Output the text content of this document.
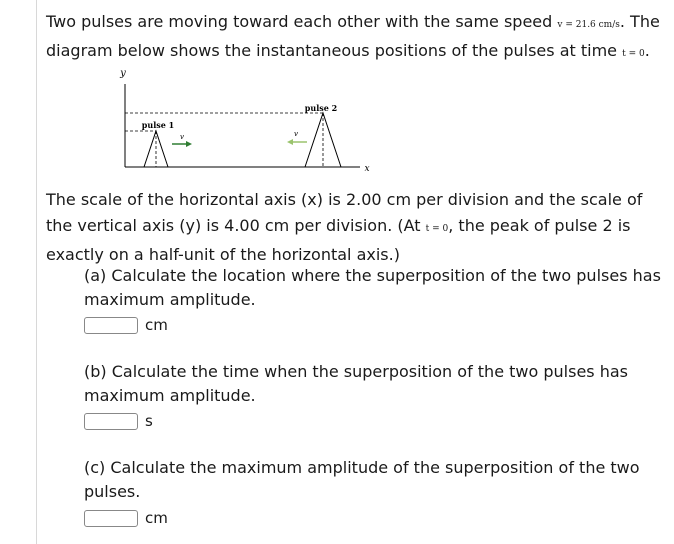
Two pulses are moving toward each other with the same speed v = 21.6 cm/s. The diagram below shows the instantaneous positions of the pulses at time t = 0.
y
x
pulse 1
v
pulse 2
v
The scale of the horizontal axis (x) is 2.00 cm per division and the scale of the vertical axis (y) is 4.00 cm per division. (At t = 0, the peak of pulse 2 is exactly on a half-unit of the horizontal axis.)
(a) Calculate the location where the superposition of the two pulses has maximum amplitude.
cm
(b) Calculate the time when the superposition of the two pulses has maximum amplitude.
s
(c) Calculate the maximum amplitude of the superposition of the two pulses.
cm
